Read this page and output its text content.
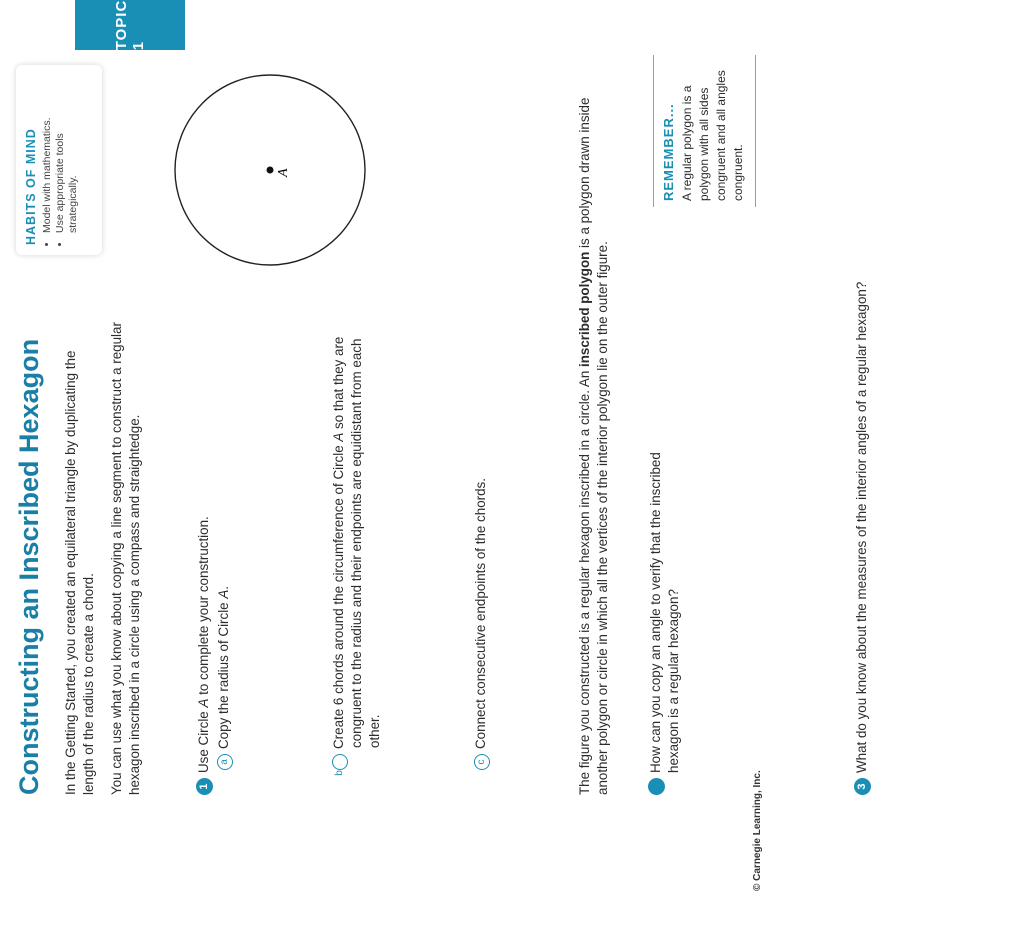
TOPIC 1
Constructing an Inscribed Hexagon In the Getting Started, you created an equilateral triangle by duplicating the length of the radius to create a chord. You can use what you know about copying a line segment to construct a regular hexagon inscribed in a circle using a compass and straightedge.
HABITS OF MIND • Model with mathematics. • Use appropriate tools strategically.
A
1Use Circle A to complete your construction.
aCopy the radius of Circle A.
bCreate 6 chords around the circumference of Circle A so that they are congruent to the radius and their endpoints are equidistant from each other.
cConnect consecutive endpoints of the chords.	The figure you constructed is a regular hexagon inscribed in a circle. An inscribed polygon is a polygon drawn inside another polygon or circle in which all the vertices of the interior polygon lie on the outer figure.
2How can you copy an angle to verify that the inscribed hexagon is a regular hexagon?
REMEMBER... A regular polygon is a polygon with all sides congruent and all angles congruent.
3What do you know about the measures of the interior angles of a regular hexagon?
© Carnegie Learning, Inc.
